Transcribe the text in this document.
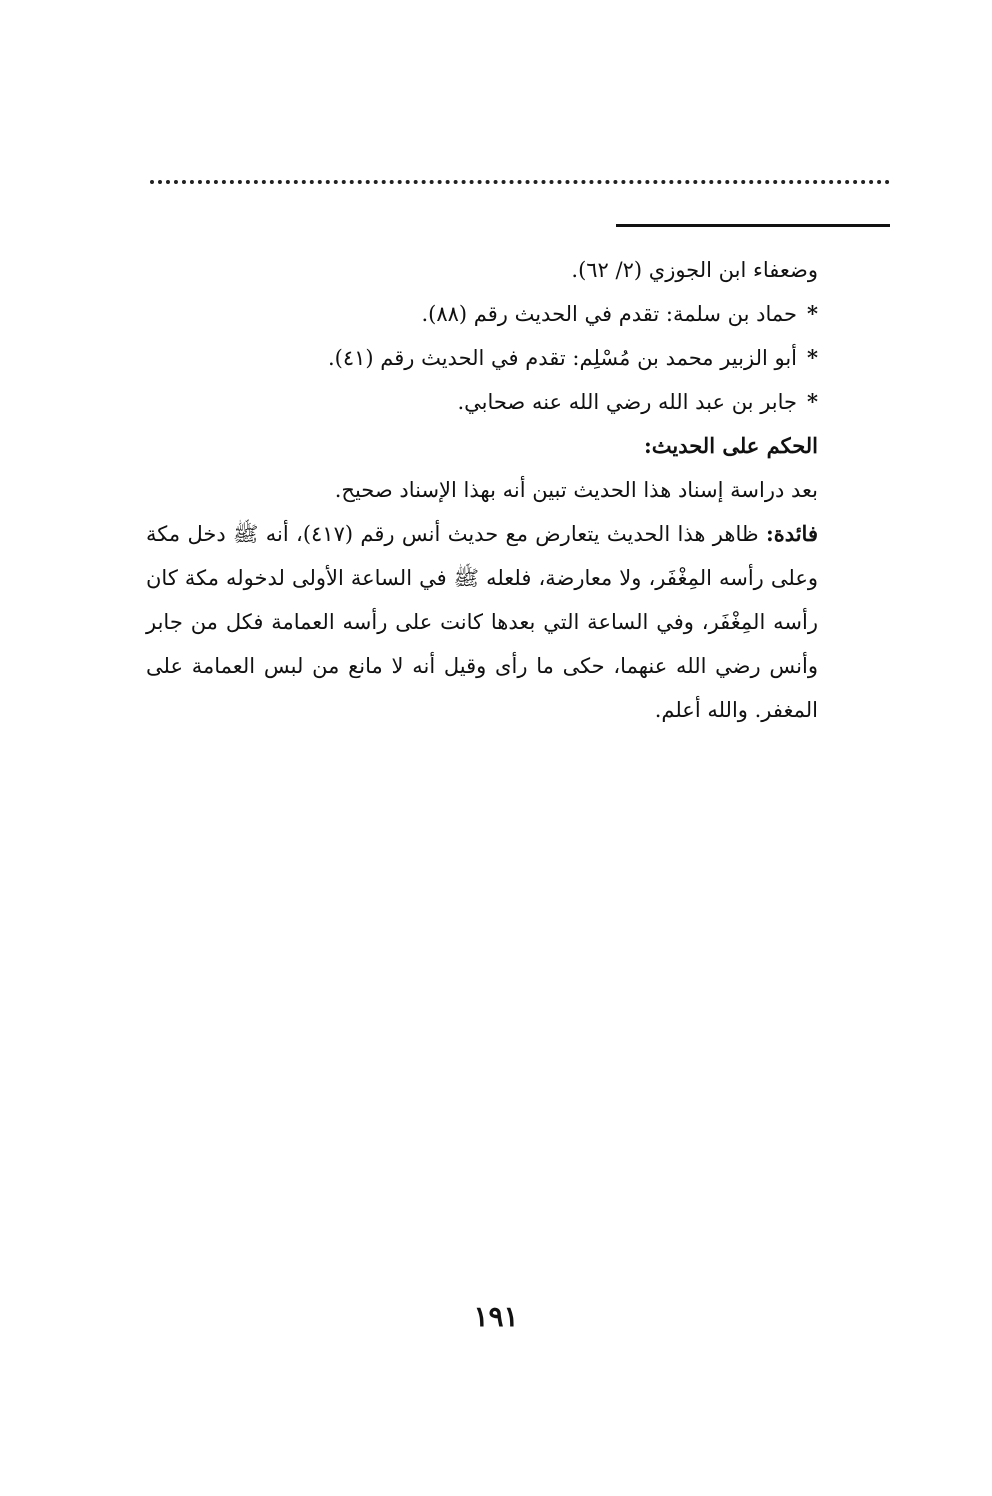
وضعفاء ابن الجوزي (٢/ ٦٢).
*حماد بن سلمة: تقدم في الحديث رقم (٨٨).
*أبو الزبير محمد بن مُسْلِم: تقدم في الحديث رقم (٤١).
*جابر بن عبد الله رضي الله عنه صحابي.
الحكم على الحديث:
بعد دراسة إسناد هذا الحديث تبين أنه بهذا الإسناد صحيح.
فائدة: ظاهر هذا الحديث يتعارض مع حديث أنس رقم (٤١٧)، أنه ﷺ دخل مكة وعلى رأسه المِغْفَر، ولا معارضة، فلعله ﷺ في الساعة الأولى لدخوله مكة كان رأسه المِغْفَر، وفي الساعة التي بعدها كانت على رأسه العمامة فكل من جابر وأنس رضي الله عنهما، حكى ما رأى وقيل أنه لا مانع من لبس العمامة على المغفر. والله أعلم.
١٩١
